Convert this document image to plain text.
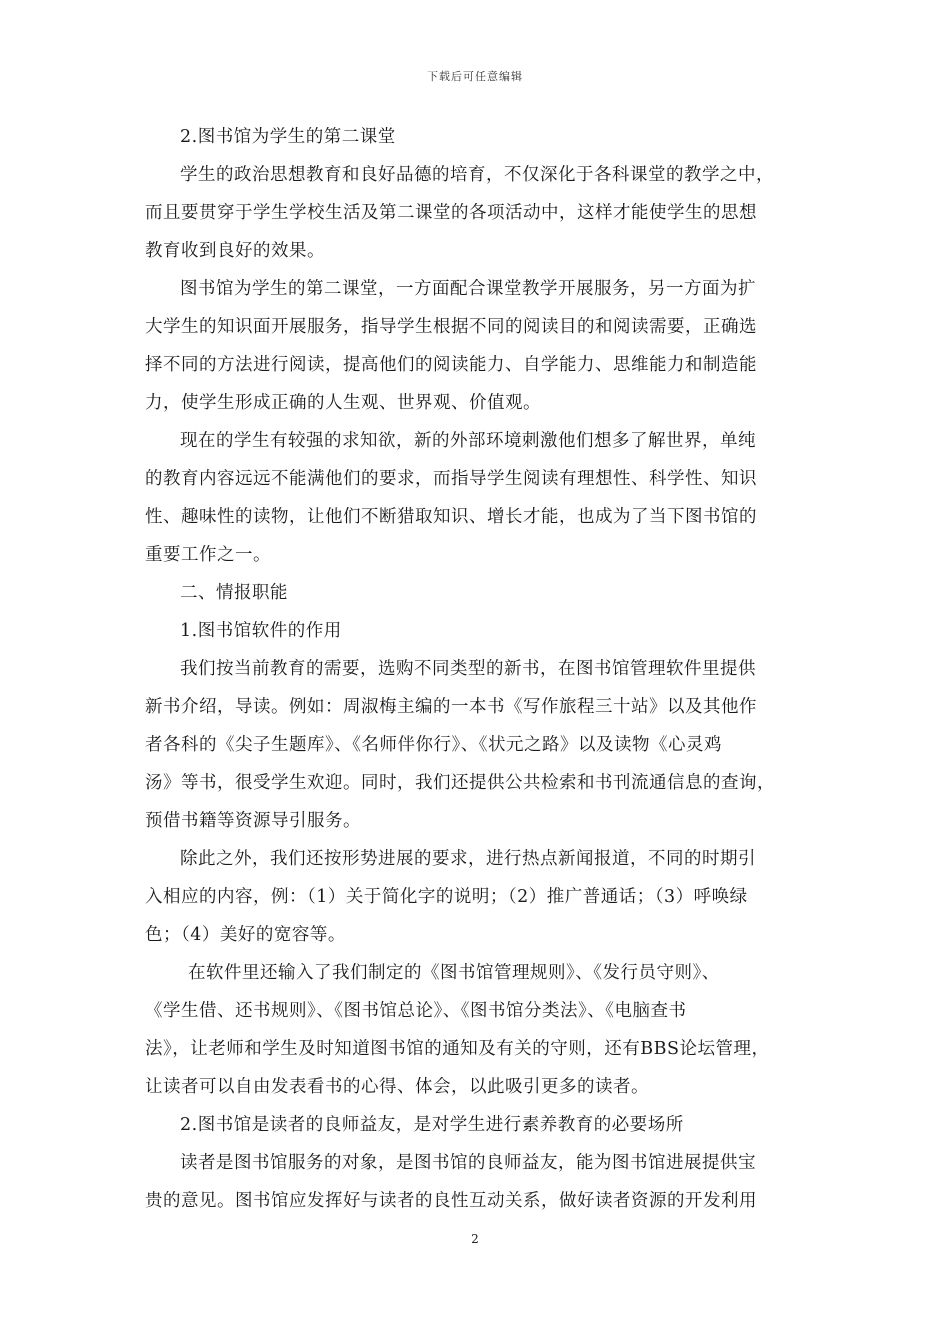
下载后可任意编辑
2.图书馆为学生的第二课堂
学生的政治思想教育和良好品德的培育，不仅深化于各科课堂的教学之中，
而且要贯穿于学生学校生活及第二课堂的各项活动中，这样才能使学生的思想
教育收到良好的效果。
图书馆为学生的第二课堂，一方面配合课堂教学开展服务，另一方面为扩
大学生的知识面开展服务，指导学生根据不同的阅读目的和阅读需要，正确选
择不同的方法进行阅读，提高他们的阅读能力、自学能力、思维能力和制造能
力，使学生形成正确的人生观、世界观、价值观。
现在的学生有较强的求知欲，新的外部环境刺激他们想多了解世界，单纯
的教育内容远远不能满他们的要求，而指导学生阅读有理想性、科学性、知识
性、趣味性的读物，让他们不断猎取知识、增长才能，也成为了当下图书馆的
重要工作之一。
二、情报职能
1.图书馆软件的作用
我们按当前教育的需要，选购不同类型的新书，在图书馆管理软件里提供
新书介绍，导读。例如：周淑梅主编的一本书《写作旅程三十站》以及其他作
者各科的《尖子生题库》、《名师伴你行》、《状元之路》以及读物《心灵鸡
汤》等书，很受学生欢迎。同时，我们还提供公共检索和书刊流通信息的查询，
预借书籍等资源导引服务。
除此之外，我们还按形势进展的要求，进行热点新闻报道，不同的时期引
入相应的内容，例：（1）关于简化字的说明；（2）推广普通话；（3）呼唤绿
色；（4）美好的宽容等。
在软件里还输入了我们制定的《图书馆管理规则》、《发行员守则》、
《学生借、还书规则》、《图书馆总论》、《图书馆分类法》、《电脑查书
法》，让老师和学生及时知道图书馆的通知及有关的守则，还有BBS论坛管理，
让读者可以自由发表看书的心得、体会，以此吸引更多的读者。
2.图书馆是读者的良师益友，是对学生进行素养教育的必要场所
读者是图书馆服务的对象，是图书馆的良师益友，能为图书馆进展提供宝
贵的意见。图书馆应发挥好与读者的良性互动关系，做好读者资源的开发利用
2
